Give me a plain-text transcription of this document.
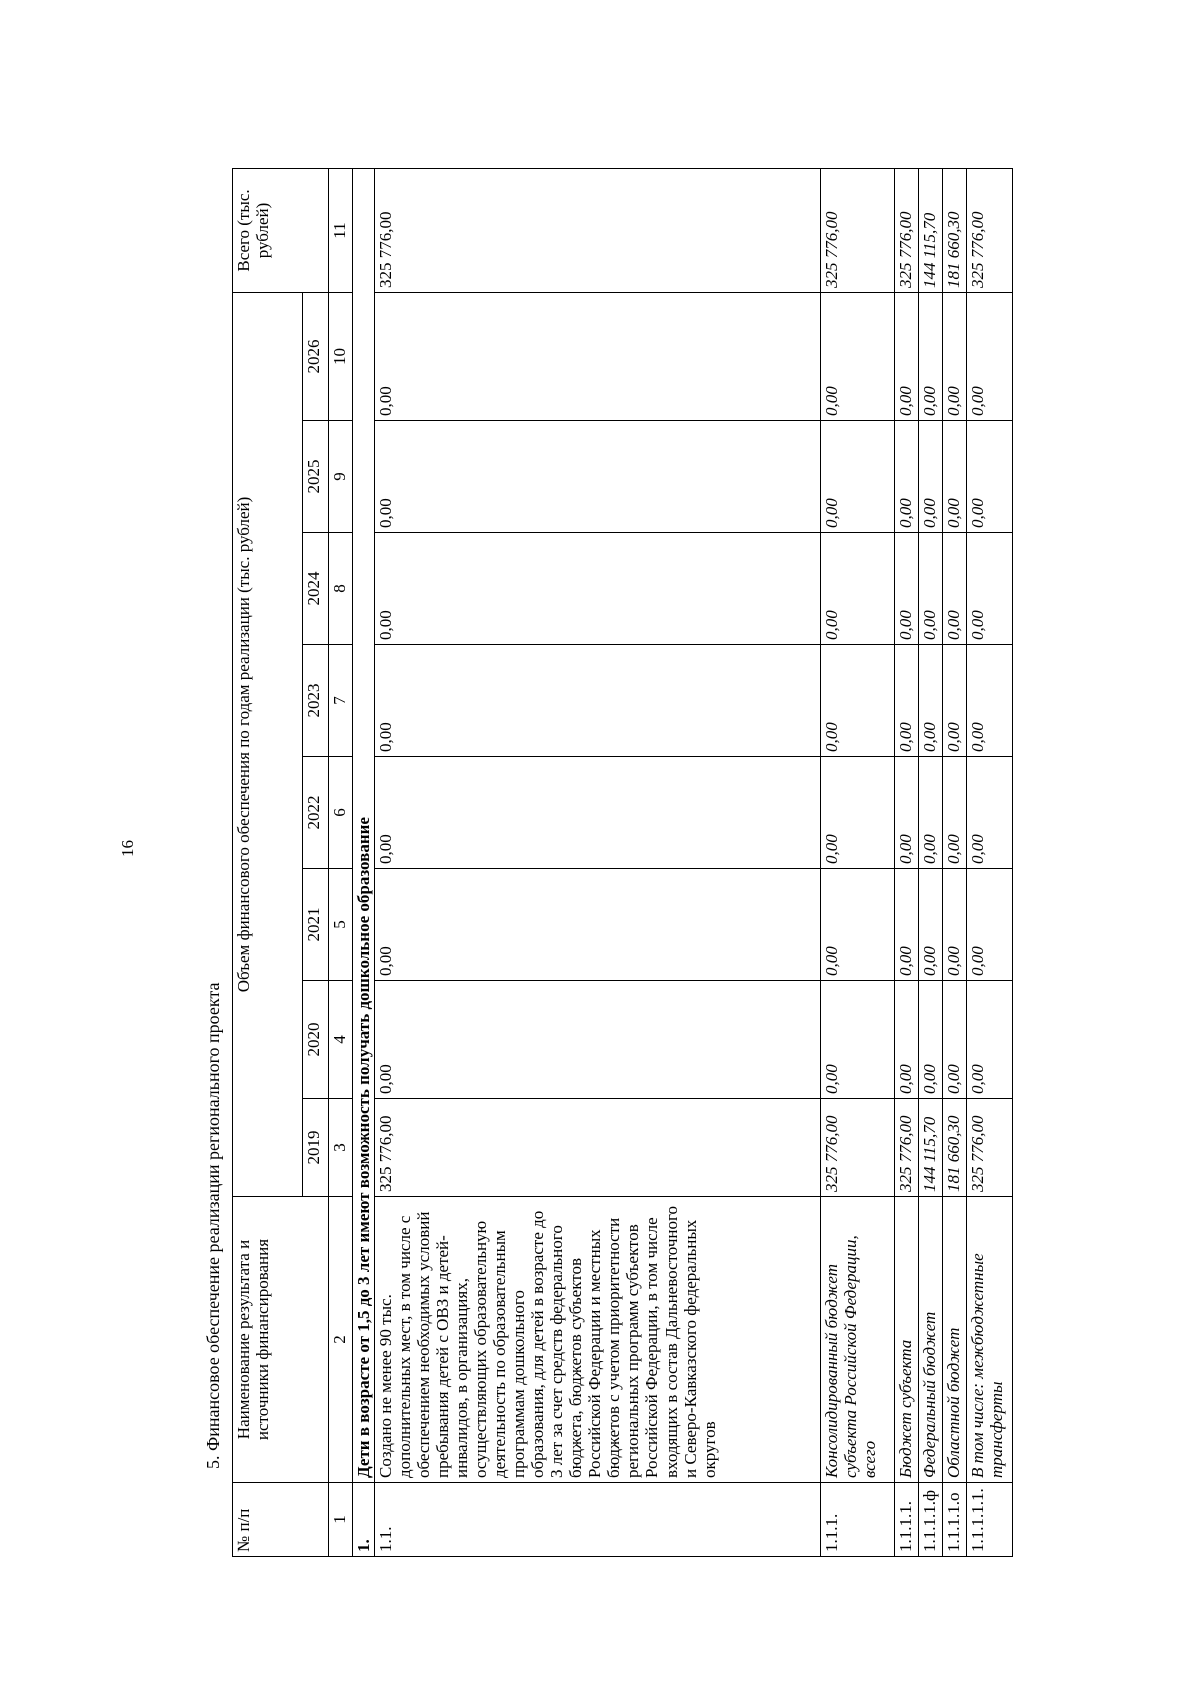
16
5. Финансовое обеспечение реализации регионального проекта
№ п/п	Наименование результата и источники финансирования	Объем финансового обеспечения по годам реализации (тыс. рублей)								Всего (тыс. рублей)
		2019	2020	2021	2022	2023	2024	2025	2026	
1	2	3	4	5	6	7	8	9	10	11
1.	Дети в возрасте от 1,5 до 3 лет имеют возможность получать дошкольное образование									
1.1.	Создано не менее 90 тыс. дополнительных мест, в том числе с обеспечением необходимых условий пребывания детей с ОВЗ и детей-инвалидов, в организациях, осуществляющих образовательную деятельность по образовательным программам дошкольного образования, для детей в возрасте до 3 лет за счет средств федерального бюджета, бюджетов субъектов Российской Федерации и местных бюджетов с учетом приоритетности региональных программ субъектов Российской Федерации, в том числе входящих в состав Дальневосточного и Северо-Кавказского федеральных округов	325 776,00	0,00	0,00	0,00	0,00	0,00	0,00	0,00	325 776,00
1.1.1.	Консолидированный бюджет субъекта Российской Федерации, всего	325 776,00	0,00	0,00	0,00	0,00	0,00	0,00	0,00	325 776,00
1.1.1.1.	Бюджет субъекта	325 776,00	0,00	0,00	0,00	0,00	0,00	0,00	0,00	325 776,00
1.1.1.1.ф	Федеральный бюджет	144 115,70	0,00	0,00	0,00	0,00	0,00	0,00	0,00	144 115,70
1.1.1.1.о	Областной бюджет	181 660,30	0,00	0,00	0,00	0,00	0,00	0,00	0,00	181 660,30
1.1.1.1.1.	В том числе: межбюджетные трансферты	325 776,00	0,00	0,00	0,00	0,00	0,00	0,00	0,00	325 776,00
